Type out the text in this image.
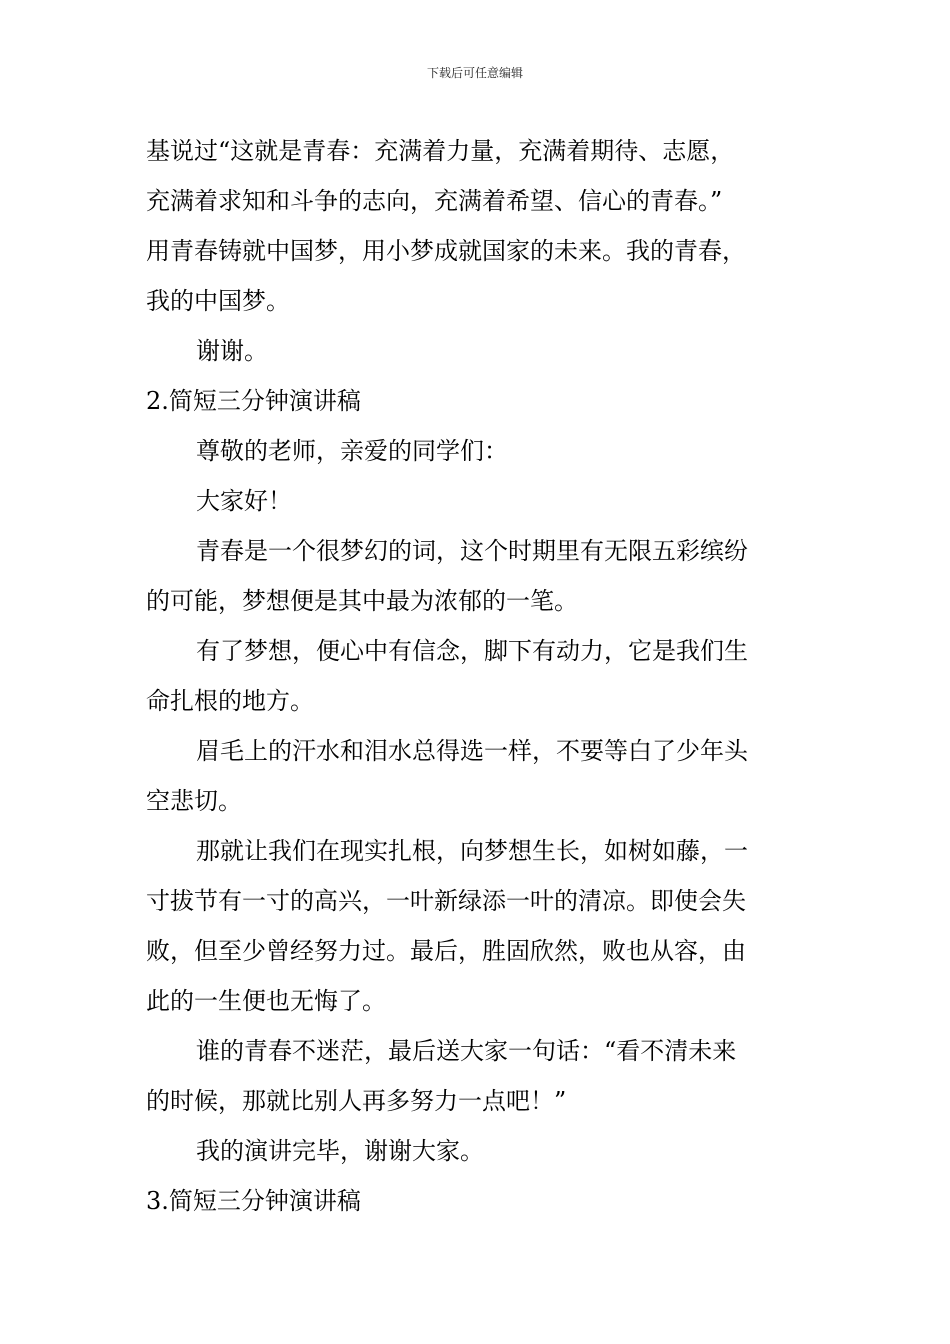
下载后可任意编辑
基说过“这就是青春：充满着力量，充满着期待、志愿，
充满着求知和斗争的志向，充满着希望、信心的青春。”
用青春铸就中国梦，用小梦成就国家的未来。我的青春，
我的中国梦。
谢谢。
2.简短三分钟演讲稿
尊敬的老师，亲爱的同学们：
大家好！
青春是一个很梦幻的词，这个时期里有无限五彩缤纷
的可能，梦想便是其中最为浓郁的一笔。
有了梦想，便心中有信念，脚下有动力，它是我们生
命扎根的地方。
眉毛上的汗水和泪水总得选一样，不要等白了少年头
空悲切。
那就让我们在现实扎根，向梦想生长，如树如藤，一
寸拔节有一寸的高兴，一叶新绿添一叶的清凉。即使会失
败，但至少曾经努力过。最后，胜固欣然，败也从容，由
此的一生便也无悔了。
谁的青春不迷茫，最后送大家一句话：“看不清未来
的时候，那就比别人再多努力一点吧！”
我的演讲完毕，谢谢大家。
3.简短三分钟演讲稿
